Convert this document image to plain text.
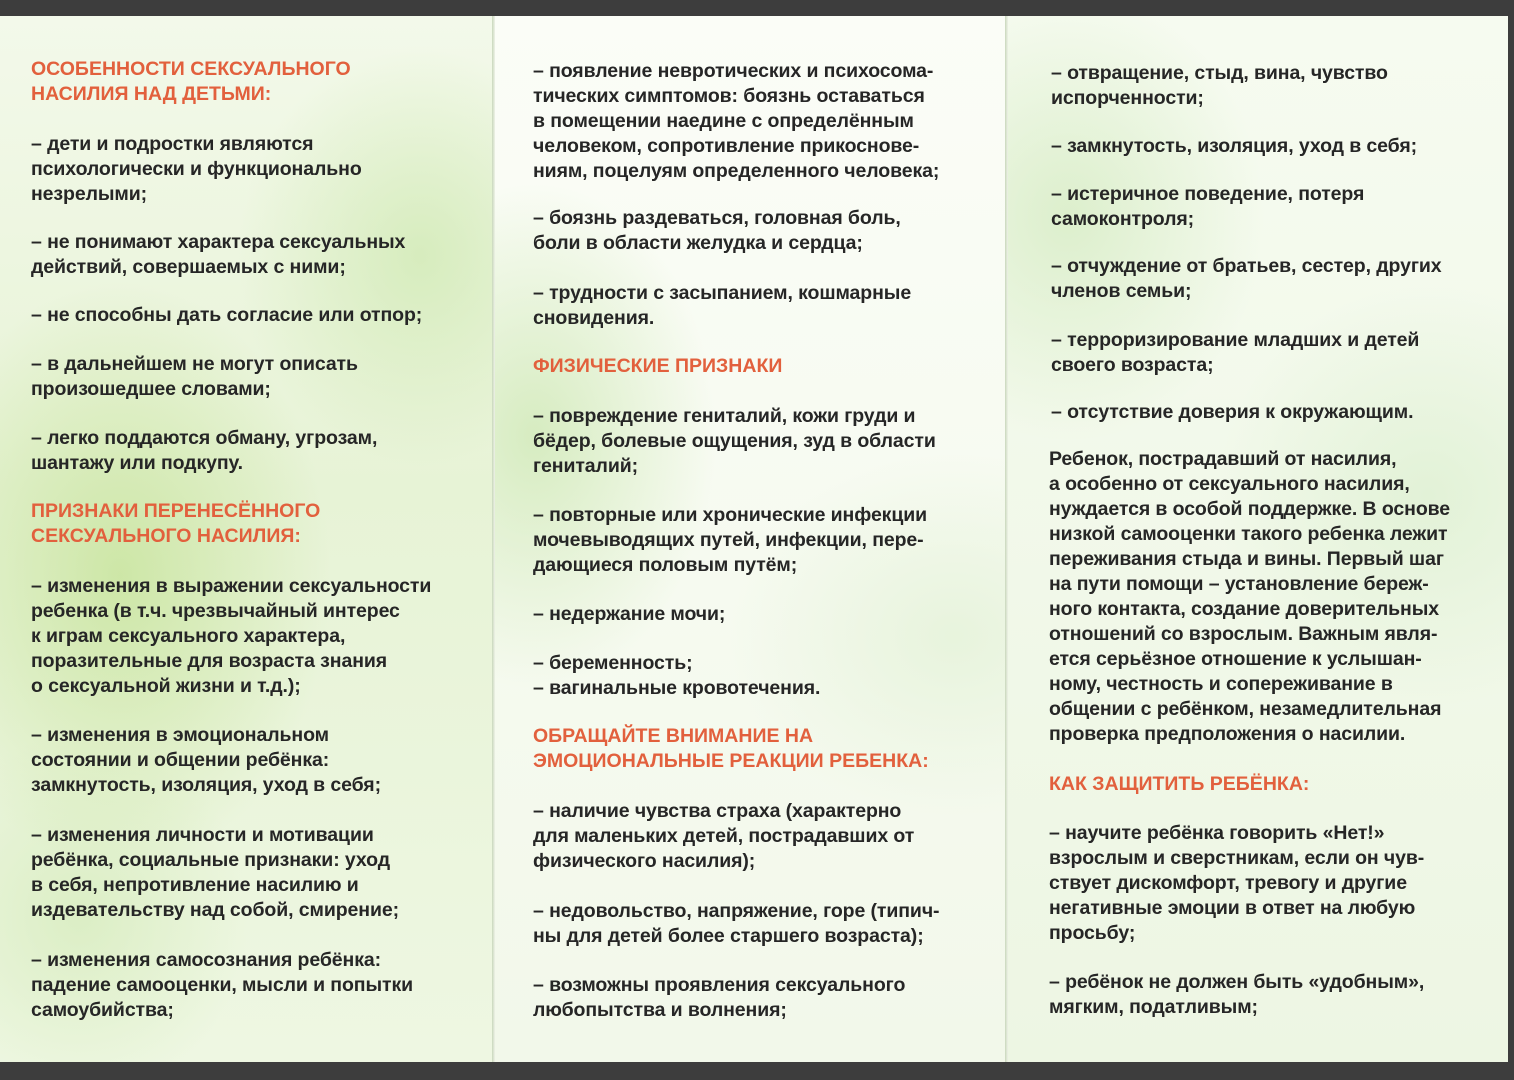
ОСОБЕННОСТИ СЕКСУАЛЬНОГО
НАСИЛИЯ НАД ДЕТЬМИ:

– дети и подростки являются
психологически и функционально
незрелыми;

– не понимают характера сексуальных
действий, совершаемых с ними;

– не способны дать согласие или отпор;

– в дальнейшем не могут описать
произошедшее словами;

– легко поддаются обману, угрозам,
шантажу или подкупу.

ПРИЗНАКИ ПЕРЕНЕСЁННОГО
СЕКСУАЛЬНОГО НАСИЛИЯ:

– изменения в выражении сексуальности
ребенка (в т.ч. чрезвычайный интерес
к играм сексуального характера,
поразительные для возраста знания
о сексуальной жизни и т.д.);

– изменения в эмоциональном
состоянии и общении ребёнка:
замкнутость, изоляция, уход в себя;

– изменения личности и мотивации
ребёнка, социальные признаки: уход
в себя, непротивление насилию и
издевательству над собой, смирение;

– изменения самосознания ребёнка:
падение самооценки, мысли и попытки
самоубийства;

– появление невротических и психосома-
тических симптомов: боязнь оставаться
в помещении наедине с определённым
человеком, сопротивление прикоснове-
ниям, поцелуям определенного человека;

– боязнь раздеваться, головная боль,
боли в области желудка и сердца;

– трудности с засыпанием, кошмарные
сновидения.

ФИЗИЧЕСКИЕ ПРИЗНАКИ

– повреждение гениталий, кожи груди и
бёдер, болевые ощущения, зуд в области
гениталий;

– повторные или хронические инфекции
мочевыводящих путей, инфекции, пере-
дающиеся половым путём;

– недержание мочи;

– беременность;
– вагинальные кровотечения.

ОБРАЩАЙТЕ ВНИМАНИЕ НА
ЭМОЦИОНАЛЬНЫЕ РЕАКЦИИ РЕБЕНКА:

– наличие чувства страха (характерно
для маленьких детей, пострадавших от
физического насилия);

– недовольство, напряжение, горе (типич-
ны для детей более старшего возраста);

– возможны проявления сексуального
любопытства и волнения;

– отвращение, стыд, вина, чувство
испорченности;

– замкнутость, изоляция, уход в себя;

– истеричное поведение, потеря
самоконтроля;

– отчуждение от братьев, сестер, других
членов семьи;

– терроризирование младших и детей
своего возраста;

– отсутствие доверия к окружающим.

Ребенок, пострадавший от насилия,
а особенно от сексуального насилия,
нуждается в особой поддержке. В основе
низкой самооценки такого ребенка лежит
переживания стыда и вины. Первый шаг
на пути помощи – установление береж-
ного контакта, создание доверительных
отношений со взрослым. Важным явля-
ется серьёзное отношение к услышан-
ному, честность и сопереживание в
общении с ребёнком, незамедлительная
проверка предположения о насилии.

КАК ЗАЩИТИТЬ РЕБЁНКА:

– научите ребёнка говорить «Нет!»
взрослым и сверстникам, если он чув-
ствует дискомфорт, тревогу и другие
негативные эмоции в ответ на любую
просьбу;

– ребёнок не должен быть «удобным»,
мягким, податливым;
